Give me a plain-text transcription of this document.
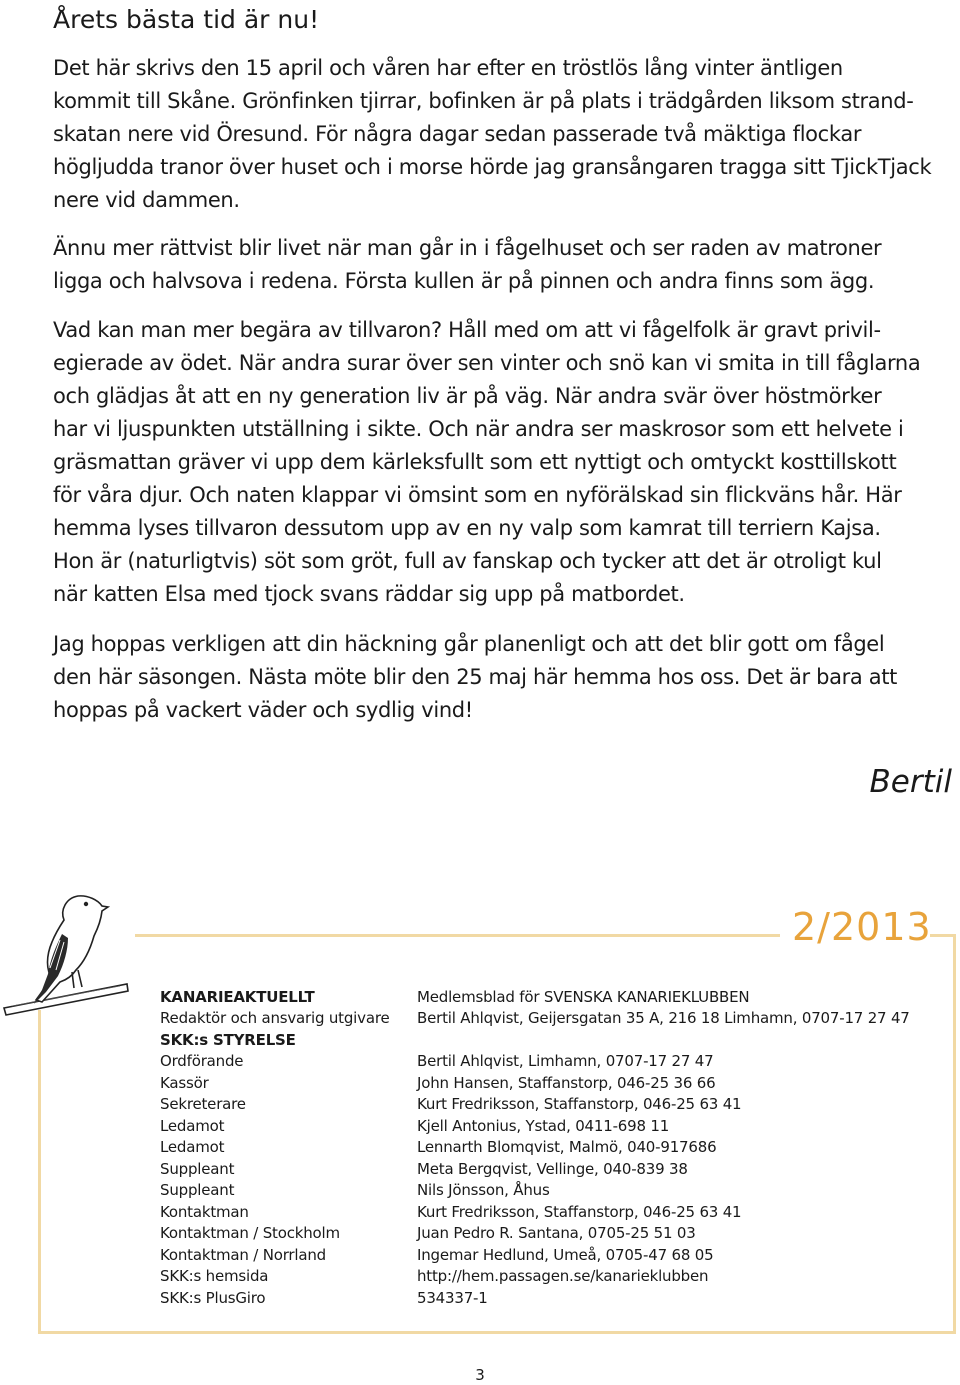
Årets bästa tid är nu!

Det här skrivs den 15 april och våren har efter en tröstlös lång vinter äntligen
kommit till Skåne. Grönfinken tjirrar, bofinken är på plats i trädgården liksom strand-
skatan nere vid Öresund. För några dagar sedan passerade två mäktiga flockar
högljudda tranor över huset och i morse hörde jag gransångaren tragga sitt TjickTjack
nere vid dammen.

Ännu mer rättvist blir livet när man går in i fågelhuset och ser raden av matroner
ligga och halvsova i redena. Första kullen är på pinnen och andra finns som ägg.

Vad kan man mer begära av tillvaron? Håll med om att vi fågelfolk är gravt privil-
egierade av ödet. När andra surar över sen vinter och snö kan vi smita in till fåglarna
och glädjas åt att en ny generation liv är på väg. När andra svär över höstmörker
har vi ljuspunkten utställning i sikte. Och när andra ser maskrosor som ett helvete i
gräsmattan gräver vi upp dem kärleksfullt som ett nyttigt och omtyckt kosttillskott
för våra djur. Och naten klappar vi ömsint som en nyförälskad sin flickväns hår. Här
hemma lyses tillvaron dessutom upp av en ny valp som kamrat till terriern Kajsa.
Hon är (naturligtvis) söt som gröt, full av fanskap och tycker att det är otroligt kul
när katten Elsa med tjock svans räddar sig upp på matbordet.

Jag hoppas verkligen att din häckning går planenligt och att det blir gott om fågel
den här säsongen. Nästa möte blir den 25 maj här hemma hos oss. Det är bara att
hoppas på vackert väder och sydlig vind!

Bertil
2/2013
KANARIEAKTUELLT	Medlemsblad för SVENSKA KANARIEKLUBBEN
Redaktör och ansvarig utgivare	Bertil Ahlqvist, Geijersgatan 35 A, 216 18 Limhamn, 0707-17 27 47
SKK:s STYRELSE
Ordförande	Bertil Ahlqvist, Limhamn, 0707-17 27 47
Kassör	John Hansen, Staffanstorp, 046-25 36 66
Sekreterare	Kurt Fredriksson, Staffanstorp, 046-25 63 41
Ledamot	Kjell Antonius, Ystad, 0411-698 11
Ledamot	Lennarth Blomqvist, Malmö, 040-917686
Suppleant	Meta Bergqvist, Vellinge, 040-839 38
Suppleant	Nils Jönsson, Åhus
Kontaktman	Kurt Fredriksson, Staffanstorp, 046-25 63 41
Kontaktman / Stockholm	Juan Pedro R. Santana, 0705-25 51 03
Kontaktman / Norrland	Ingemar Hedlund, Umeå, 0705-47 68 05
SKK:s hemsida	http://hem.passagen.se/kanarieklubben
SKK:s PlusGiro	534337-1
3
